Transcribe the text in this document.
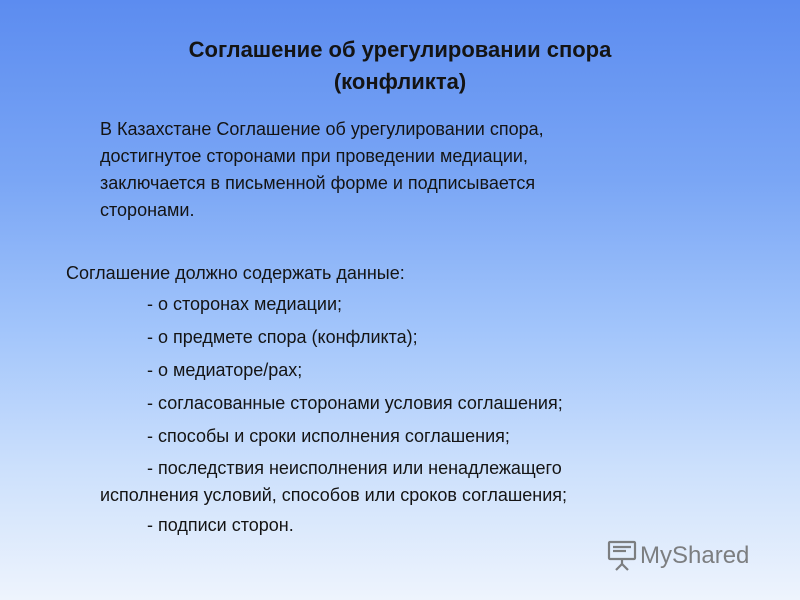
Соглашение об урегулировании спора
(конфликта)

В Казахстане Соглашение об урегулировании спора,
достигнутое сторонами при проведении медиации,
заключается в письменной форме и подписывается
сторонами.

Соглашение должно содержать данные:

- о сторонах медиации;
- о предмете спора (конфликта);
- о медиаторе/рах;
- согласованные сторонами условия соглашения;
- способы и сроки исполнения соглашения;
- последствия неисполнения или ненадлежащего
исполнения условий, способов или сроков соглашения;
- подписи сторон.
MyShared
